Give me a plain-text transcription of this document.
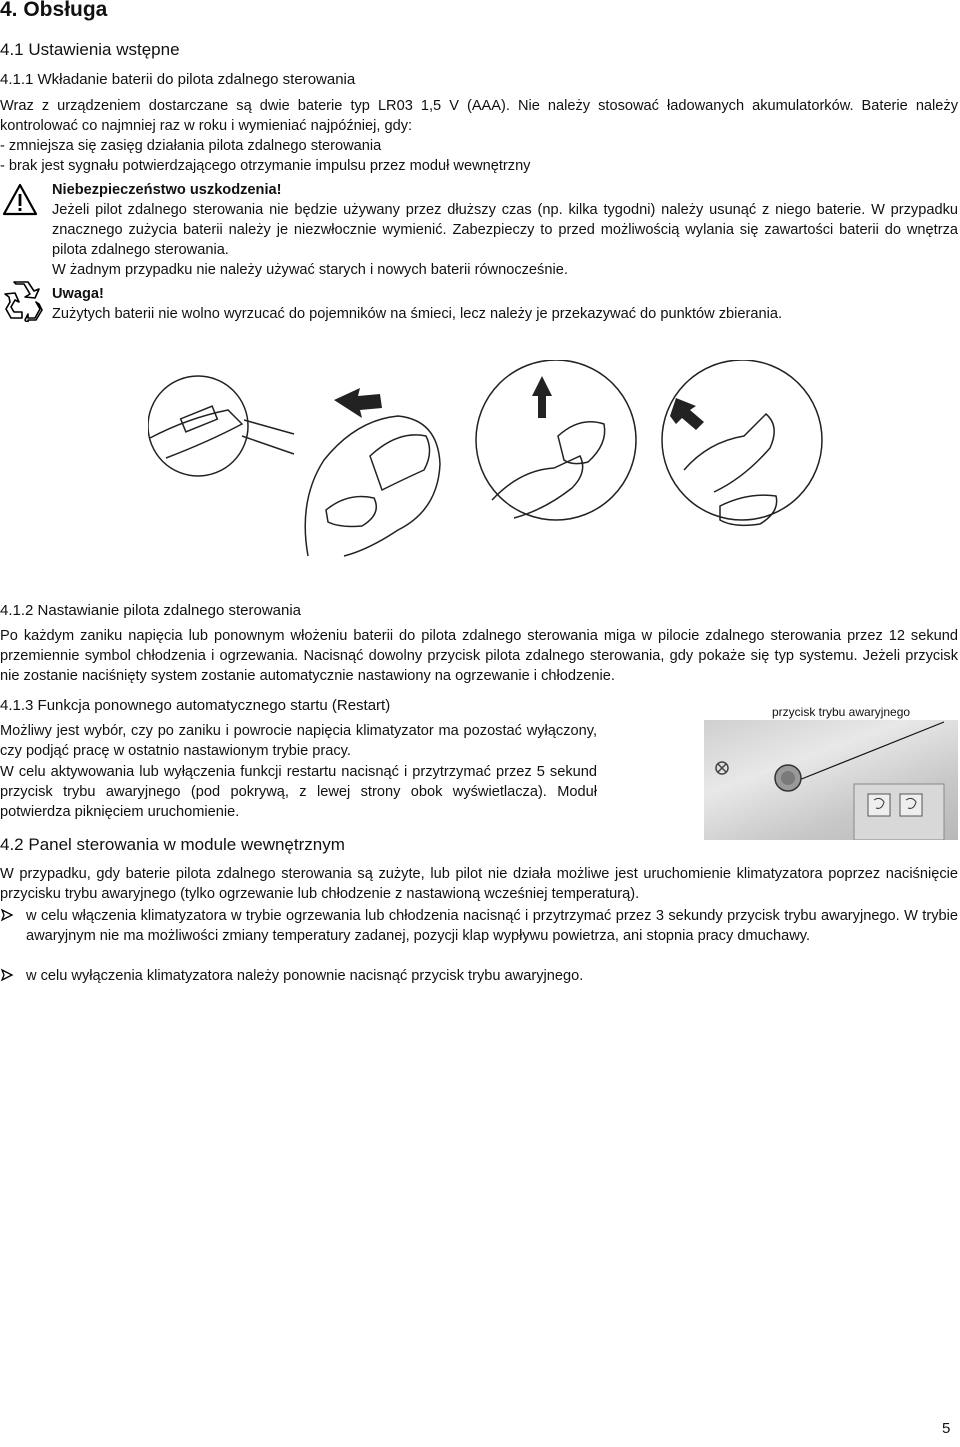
4. Obsługa
4.1 Ustawienia wstępne
4.1.1 Wkładanie baterii do pilota zdalnego sterowania
Wraz z urządzeniem dostarczane są dwie baterie typ LR03 1,5 V (AAA). Nie należy stosować ładowanych akumulatorków. Baterie należy kontrolować co najmniej raz w roku i wymieniać najpóźniej, gdy:
- zmniejsza się zasięg działania pilota zdalnego sterowania
- brak jest sygnału potwierdzającego otrzymanie impulsu przez moduł wewnętrzny
Niebezpieczeństwo uszkodzenia!
Jeżeli pilot zdalnego sterowania nie będzie używany przez dłuższy czas (np. kilka tygodni) należy usunąć z niego baterie. W przypadku znacznego zużycia baterii należy je niezwłocznie wymienić. Zabezpieczy to przed możliwością wylania się zawartości baterii do wnętrza pilota zdalnego sterowania.
W żadnym przypadku nie należy używać starych i nowych baterii równocześnie.
Uwaga!
Zużytych baterii nie wolno wyrzucać do pojemników na śmieci, lecz należy je przekazywać do punktów zbierania.
4.1.2 Nastawianie pilota zdalnego sterowania
Po każdym zaniku napięcia lub ponownym włożeniu baterii do pilota zdalnego sterowania miga w pilocie zdalnego sterowania przez 12 sekund przemiennie symbol chłodzenia i ogrzewania. Nacisnąć dowolny przycisk pilota zdalnego sterowania, gdy pokaże się typ systemu. Jeżeli przycisk nie zostanie naciśnięty system zostanie automatycznie nastawiony na ogrzewanie i chłodzenie.
4.1.3 Funkcja ponownego automatycznego startu (Restart)
Możliwy jest wybór, czy po zaniku i powrocie napięcia klimatyzator ma pozostać wyłączony, czy podjąć pracę w ostatnio nastawionym trybie pracy.
W celu aktywowania lub wyłączenia funkcji restartu nacisnąć i przytrzymać przez 5 sekund przycisk trybu awaryjnego (pod pokrywą, z lewej strony obok wyświetlacza). Moduł potwierdza piknięciem uruchomienie.
przycisk trybu awaryjnego
4.2 Panel sterowania w module wewnętrznym
W przypadku, gdy baterie pilota zdalnego sterowania są zużyte, lub pilot nie działa możliwe jest uruchomienie klimatyzatora poprzez naciśnięcie przycisku trybu awaryjnego (tylko ogrzewanie lub chłodzenie z nastawioną wcześniej temperaturą).
w celu włączenia klimatyzatora w trybie ogrzewania lub chłodzenia nacisnąć i przytrzymać przez 3 sekundy przycisk trybu awaryjnego. W trybie awaryjnym nie ma możliwości zmiany temperatury zadanej, pozycji klap wypływu powietrza, ani stopnia pracy dmuchawy.
w celu wyłączenia klimatyzatora należy ponownie nacisnąć przycisk trybu awaryjnego.
5
